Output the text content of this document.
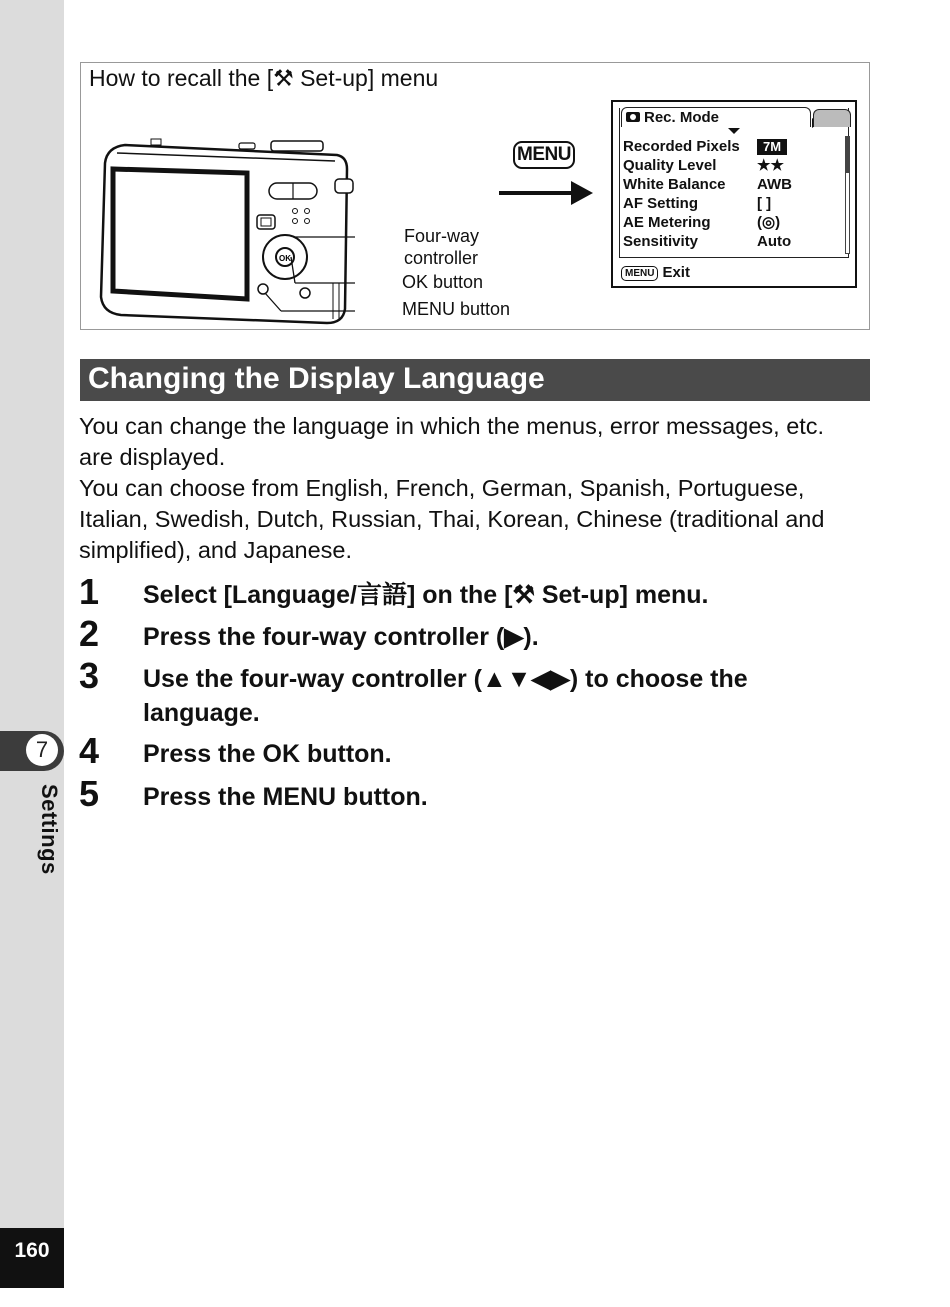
7
Settings
160
How to recall the [⚒ Set-up] menu
OK
Four-way
controller
OK button
MENU button
MENU
Rec. Mode
Recorded Pixels	7M
Quality Level	★★
White Balance	AWB
AF Setting	[ ]
AE Metering	(◎)
Sensitivity	Auto
MENU Exit
Changing the Display Language
You can change the language in which the menus, error messages, etc.
are displayed.
You can choose from English, French, German, Spanish, Portuguese,
Italian, Swedish, Dutch, Russian, Thai, Korean, Chinese (traditional and
simplified), and Japanese.
1	Select [Language/言語] on the [⚒ Set-up] menu.
2	Press the four-way controller (▶).
3	Use the four-way controller (▲▼◀▶) to choose the language.
4	Press the OK button.
5	Press the MENU button.
